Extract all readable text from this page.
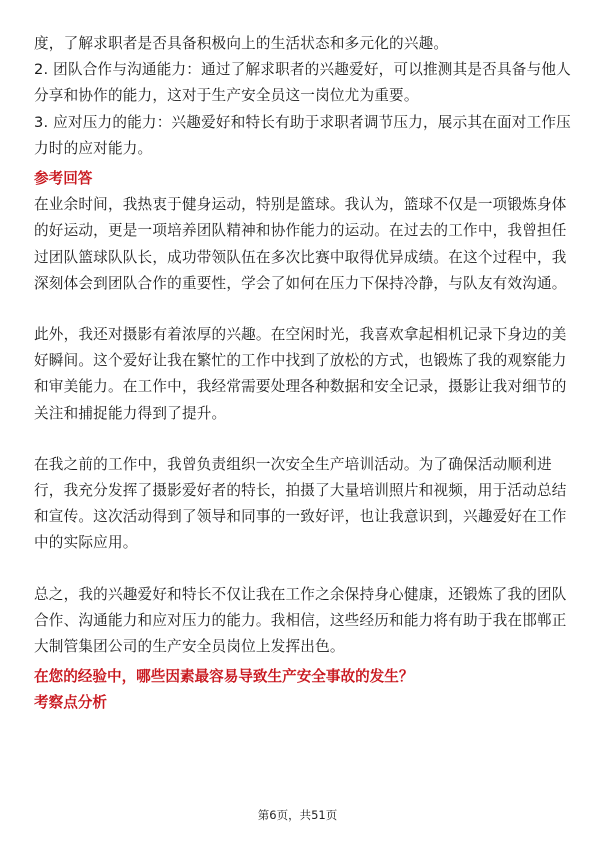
度，了解求职者是否具备积极向上的生活状态和多元化的兴趣。
2. 团队合作与沟通能力：通过了解求职者的兴趣爱好，可以推测其是否具备与他人
分享和协作的能力，这对于生产安全员这一岗位尤为重要。
3. 应对压力的能力：兴趣爱好和特长有助于求职者调节压力，展示其在面对工作压
力时的应对能力。
参考回答
在业余时间，我热衷于健身运动，特别是篮球。我认为，篮球不仅是一项锻炼身体
的好运动，更是一项培养团队精神和协作能力的运动。在过去的工作中，我曾担任
过团队篮球队队长，成功带领队伍在多次比赛中取得优异成绩。在这个过程中，我
深刻体会到团队合作的重要性，学会了如何在压力下保持冷静，与队友有效沟通。
此外，我还对摄影有着浓厚的兴趣。在空闲时光，我喜欢拿起相机记录下身边的美
好瞬间。这个爱好让我在繁忙的工作中找到了放松的方式，也锻炼了我的观察能力
和审美能力。在工作中，我经常需要处理各种数据和安全记录，摄影让我对细节的
关注和捕捉能力得到了提升。
在我之前的工作中，我曾负责组织一次安全生产培训活动。为了确保活动顺利进
行，我充分发挥了摄影爱好者的特长，拍摄了大量培训照片和视频，用于活动总结
和宣传。这次活动得到了领导和同事的一致好评，也让我意识到，兴趣爱好在工作
中的实际应用。
总之，我的兴趣爱好和特长不仅让我在工作之余保持身心健康，还锻炼了我的团队
合作、沟通能力和应对压力的能力。我相信，这些经历和能力将有助于我在邯郸正
大制管集团公司的生产安全员岗位上发挥出色。
在您的经验中，哪些因素最容易导致生产安全事故的发生？
考察点分析
第6页，共51页
